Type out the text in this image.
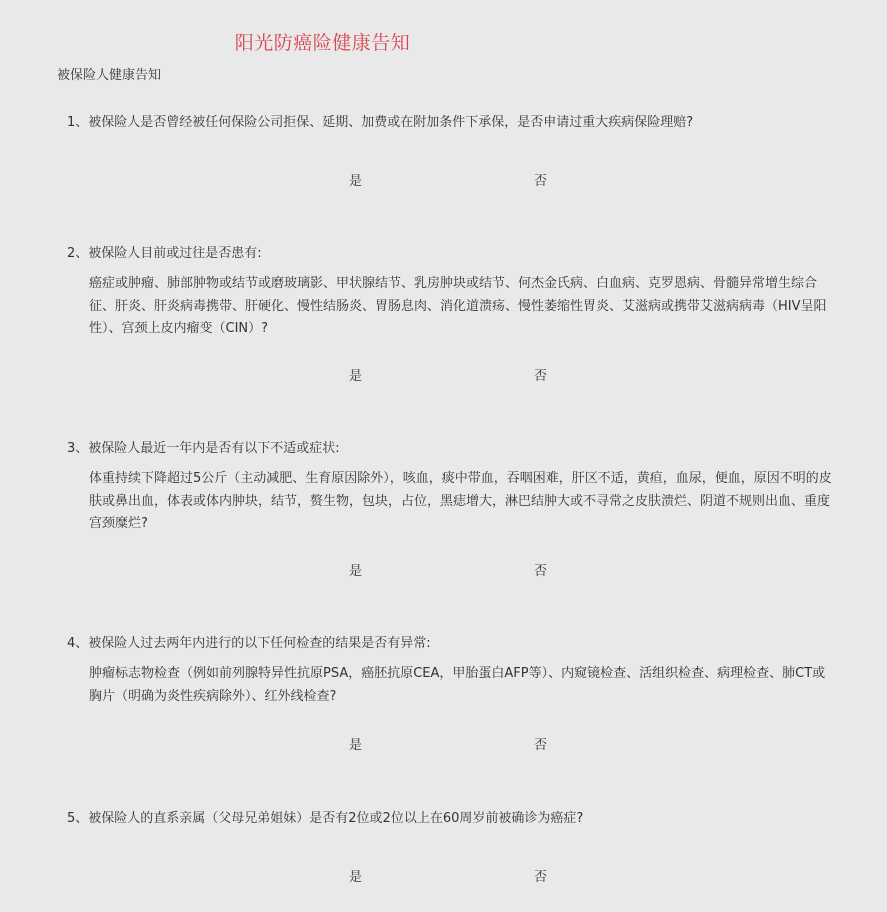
阳光防癌险健康告知
被保险人健康告知
1、被保险人是否曾经被任何保险公司拒保、延期、加费或在附加条件下承保，是否申请过重大疾病保险理赔?
是	否
2、被保险人目前或过往是否患有:
癌症或肿瘤、肺部肿物或结节或磨玻璃影、甲状腺结节、乳房肿块或结节、何杰金氏病、白血病、克罗恩病、骨髓异常增生综合征、肝炎、肝炎病毒携带、肝硬化、慢性结肠炎、胃肠息肉、消化道溃疡、慢性萎缩性胃炎、艾滋病或携带艾滋病病毒（HIV呈阳性）、宫颈上皮内瘤变（CIN）?
是	否
3、被保险人最近一年内是否有以下不适或症状:
体重持续下降超过5公斤（主动减肥、生育原因除外），咳血，痰中带血，吞咽困难，肝区不适，黄疸，血尿，便血，原因不明的皮肤或鼻出血，体表或体内肿块，结节，赘生物，包块，占位，黑痣增大，淋巴结肿大或不寻常之皮肤溃烂、阴道不规则出血、重度宫颈糜烂?
是	否
4、被保险人过去两年内进行的以下任何检查的结果是否有异常:
肿瘤标志物检查（例如前列腺特异性抗原PSA，癌胚抗原CEA，甲胎蛋白AFP等）、内窥镜检查、活组织检查、病理检查、肺CT或胸片（明确为炎性疾病除外）、红外线检查?
是	否
5、被保险人的直系亲属（父母兄弟姐妹）是否有2位或2位以上在60周岁前被确诊为癌症?
是	否
